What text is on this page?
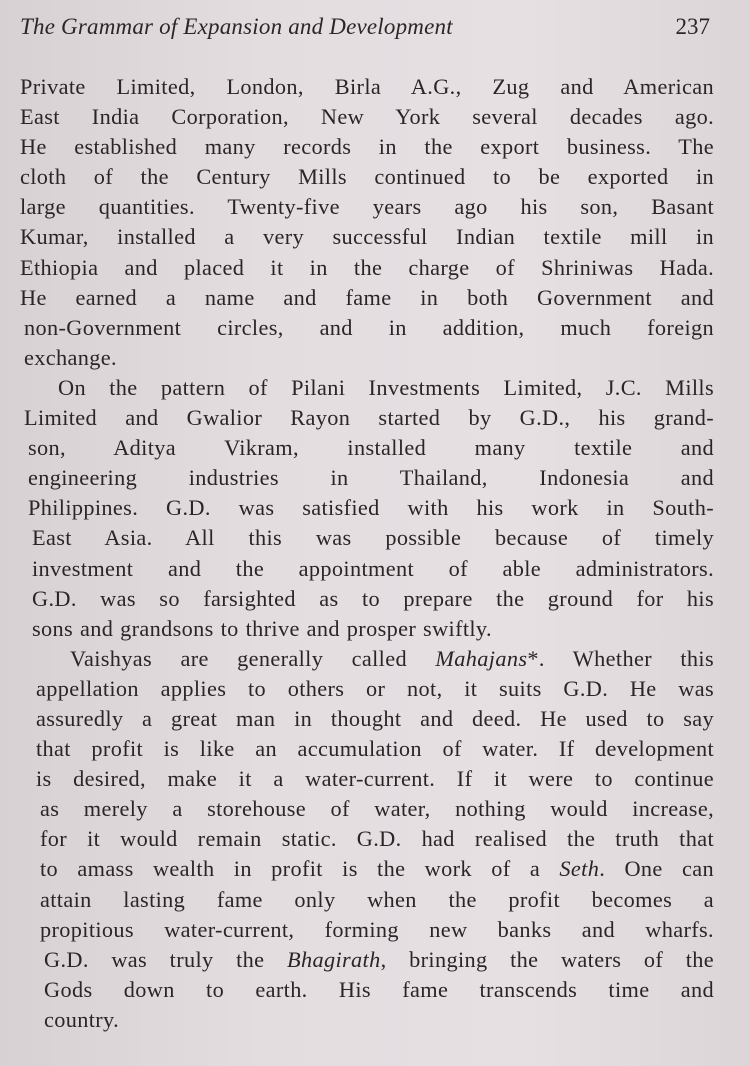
The Grammar of Expansion and Development	237
Private Limited, London, Birla A.G., Zug and American
East India Corporation, New York several decades ago.
He established many records in the export business. The
cloth of the Century Mills continued to be exported in
large quantities. Twenty-five years ago his son, Basant
Kumar, installed a very successful Indian textile mill in
Ethiopia and placed it in the charge of Shriniwas Hada.
He earned a name and fame in both Government and
non-Government circles, and in addition, much foreign
exchange.
On the pattern of Pilani Investments Limited, J.C. Mills
Limited and Gwalior Rayon started by G.D., his grand-
son, Aditya Vikram, installed many textile and
engineering industries in Thailand, Indonesia and
Philippines. G.D. was satisfied with his work in South-
East Asia. All this was possible because of timely
investment and the appointment of able administrators.
G.D. was so farsighted as to prepare the ground for his
sons and grandsons to thrive and prosper swiftly.
Vaishyas are generally called Mahajans*. Whether this
appellation applies to others or not, it suits G.D. He was
assuredly a great man in thought and deed. He used to say
that profit is like an accumulation of water. If development
is desired, make it a water-current. If it were to continue
as merely a storehouse of water, nothing would increase,
for it would remain static. G.D. had realised the truth that
to amass wealth in profit is the work of a Seth. One can
attain lasting fame only when the profit becomes a
propitious water-current, forming new banks and wharfs.
G.D. was truly the Bhagirath, bringing the waters of the
Gods down to earth. His fame transcends time and
country.
